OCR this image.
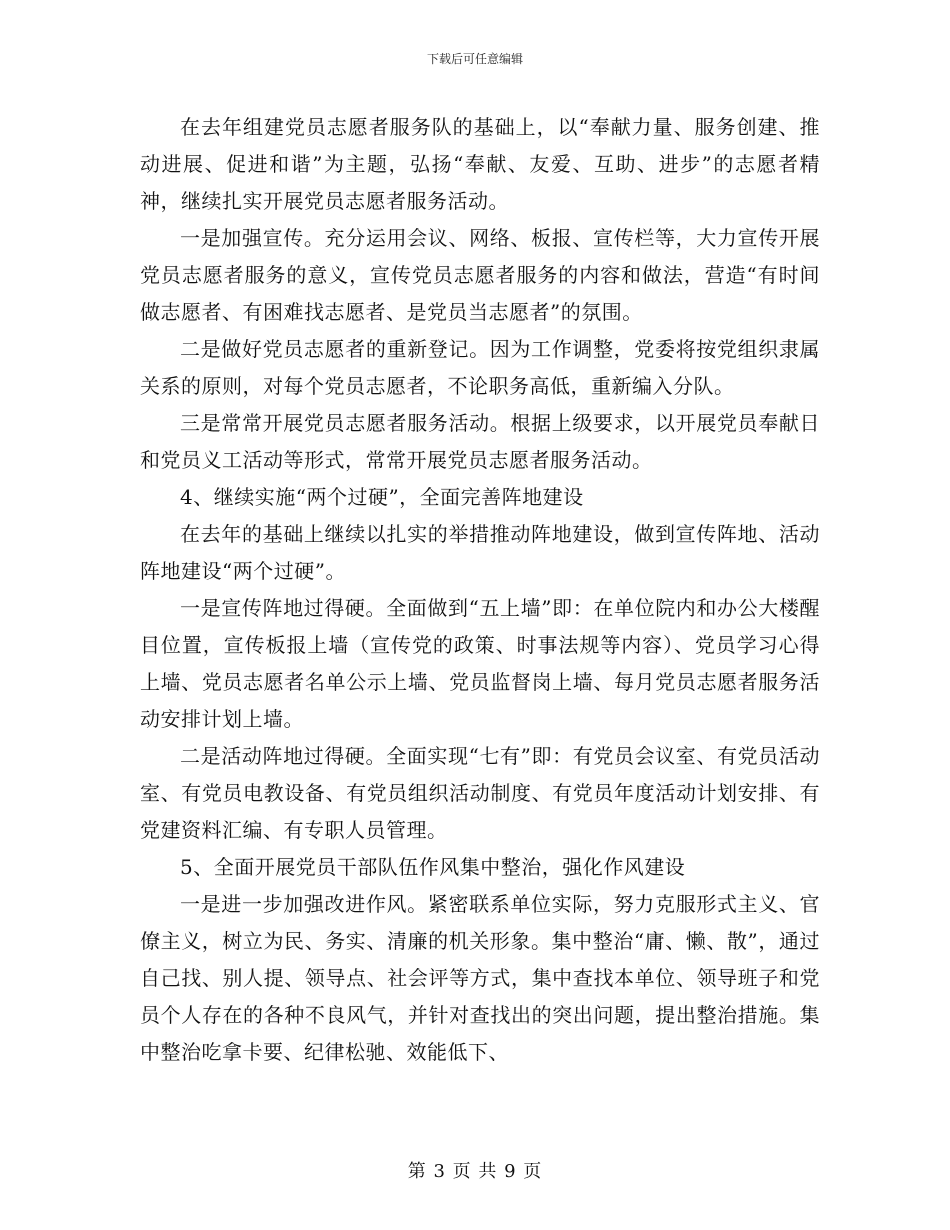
下载后可任意编辑

在去年组建党员志愿者服务队的基础上，以“奉献力量、服务创建、推动进展、促进和谐”为主题，弘扬“奉献、友爱、互助、进步”的志愿者精神，继续扎实开展党员志愿者服务活动。

一是加强宣传。充分运用会议、网络、板报、宣传栏等，大力宣传开展党员志愿者服务的意义，宣传党员志愿者服务的内容和做法，营造“有时间做志愿者、有困难找志愿者、是党员当志愿者”的氛围。

二是做好党员志愿者的重新登记。因为工作调整，党委将按党组织隶属关系的原则，对每个党员志愿者，不论职务高低，重新编入分队。

三是常常开展党员志愿者服务活动。根据上级要求，以开展党员奉献日和党员义工活动等形式，常常开展党员志愿者服务活动。

4、继续实施“两个过硬”，全面完善阵地建设

在去年的基础上继续以扎实的举措推动阵地建设，做到宣传阵地、活动阵地建设“两个过硬”。

一是宣传阵地过得硬。全面做到“五上墙”即：在单位院内和办公大楼醒目位置，宣传板报上墙（宣传党的政策、时事法规等内容）、党员学习心得上墙、党员志愿者名单公示上墙、党员监督岗上墙、每月党员志愿者服务活动安排计划上墙。

二是活动阵地过得硬。全面实现“七有”即：有党员会议室、有党员活动室、有党员电教设备、有党员组织活动制度、有党员年度活动计划安排、有党建资料汇编、有专职人员管理。

5、全面开展党员干部队伍作风集中整治，强化作风建设

一是进一步加强改进作风。紧密联系单位实际，努力克服形式主义、官僚主义，树立为民、务实、清廉的机关形象。集中整治“庸、懒、散”，通过自己找、别人提、领导点、社会评等方式，集中查找本单位、领导班子和党员个人存在的各种不良风气，并针对查找出的突出问题，提出整治措施。集中整治吃拿卡要、纪律松驰、效能低下、

第 3 页 共 9 页
